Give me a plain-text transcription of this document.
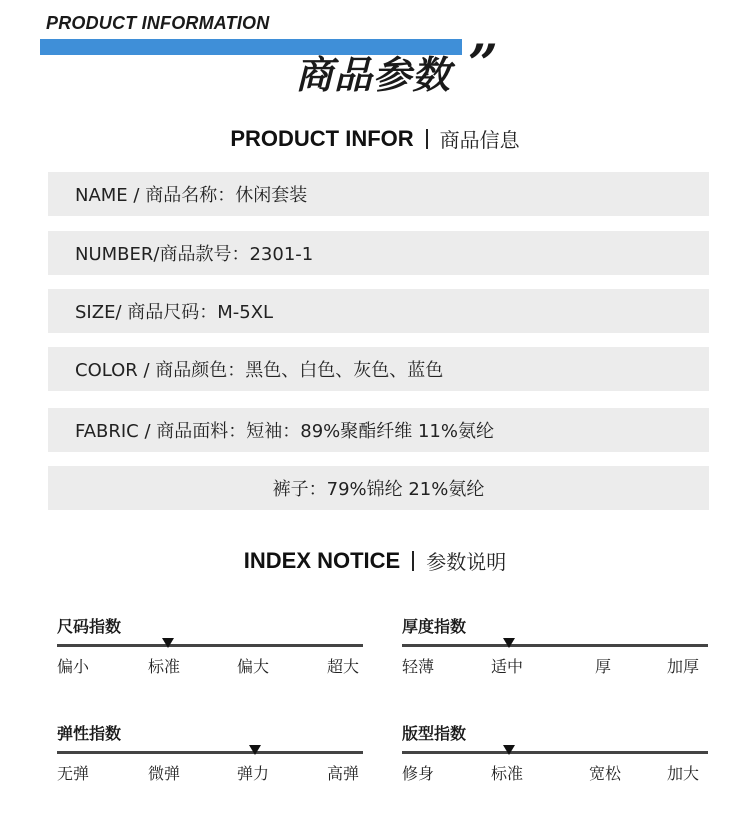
PRODUCT INFORMATION
商品参数 ”
PRODUCT INFOR 商品信息
NAME / 商品名称：休闲套装
NUMBER/商品款号：2301-1
SIZE/ 商品尺码：M-5XL
COLOR / 商品颜色：黑色、白色、灰色、蓝色
FABRIC / 商品面料：短袖：89%聚酯纤维 11%氨纶
裤子：79%锦纶 21%氨纶
INDEX NOTICE 参数说明
尺码指数
偏小	标准	偏大	超大
厚度指数
轻薄	适中	厚	加厚
弹性指数
无弹	微弹	弹力	高弹
版型指数
修身	标准	宽松	加大
